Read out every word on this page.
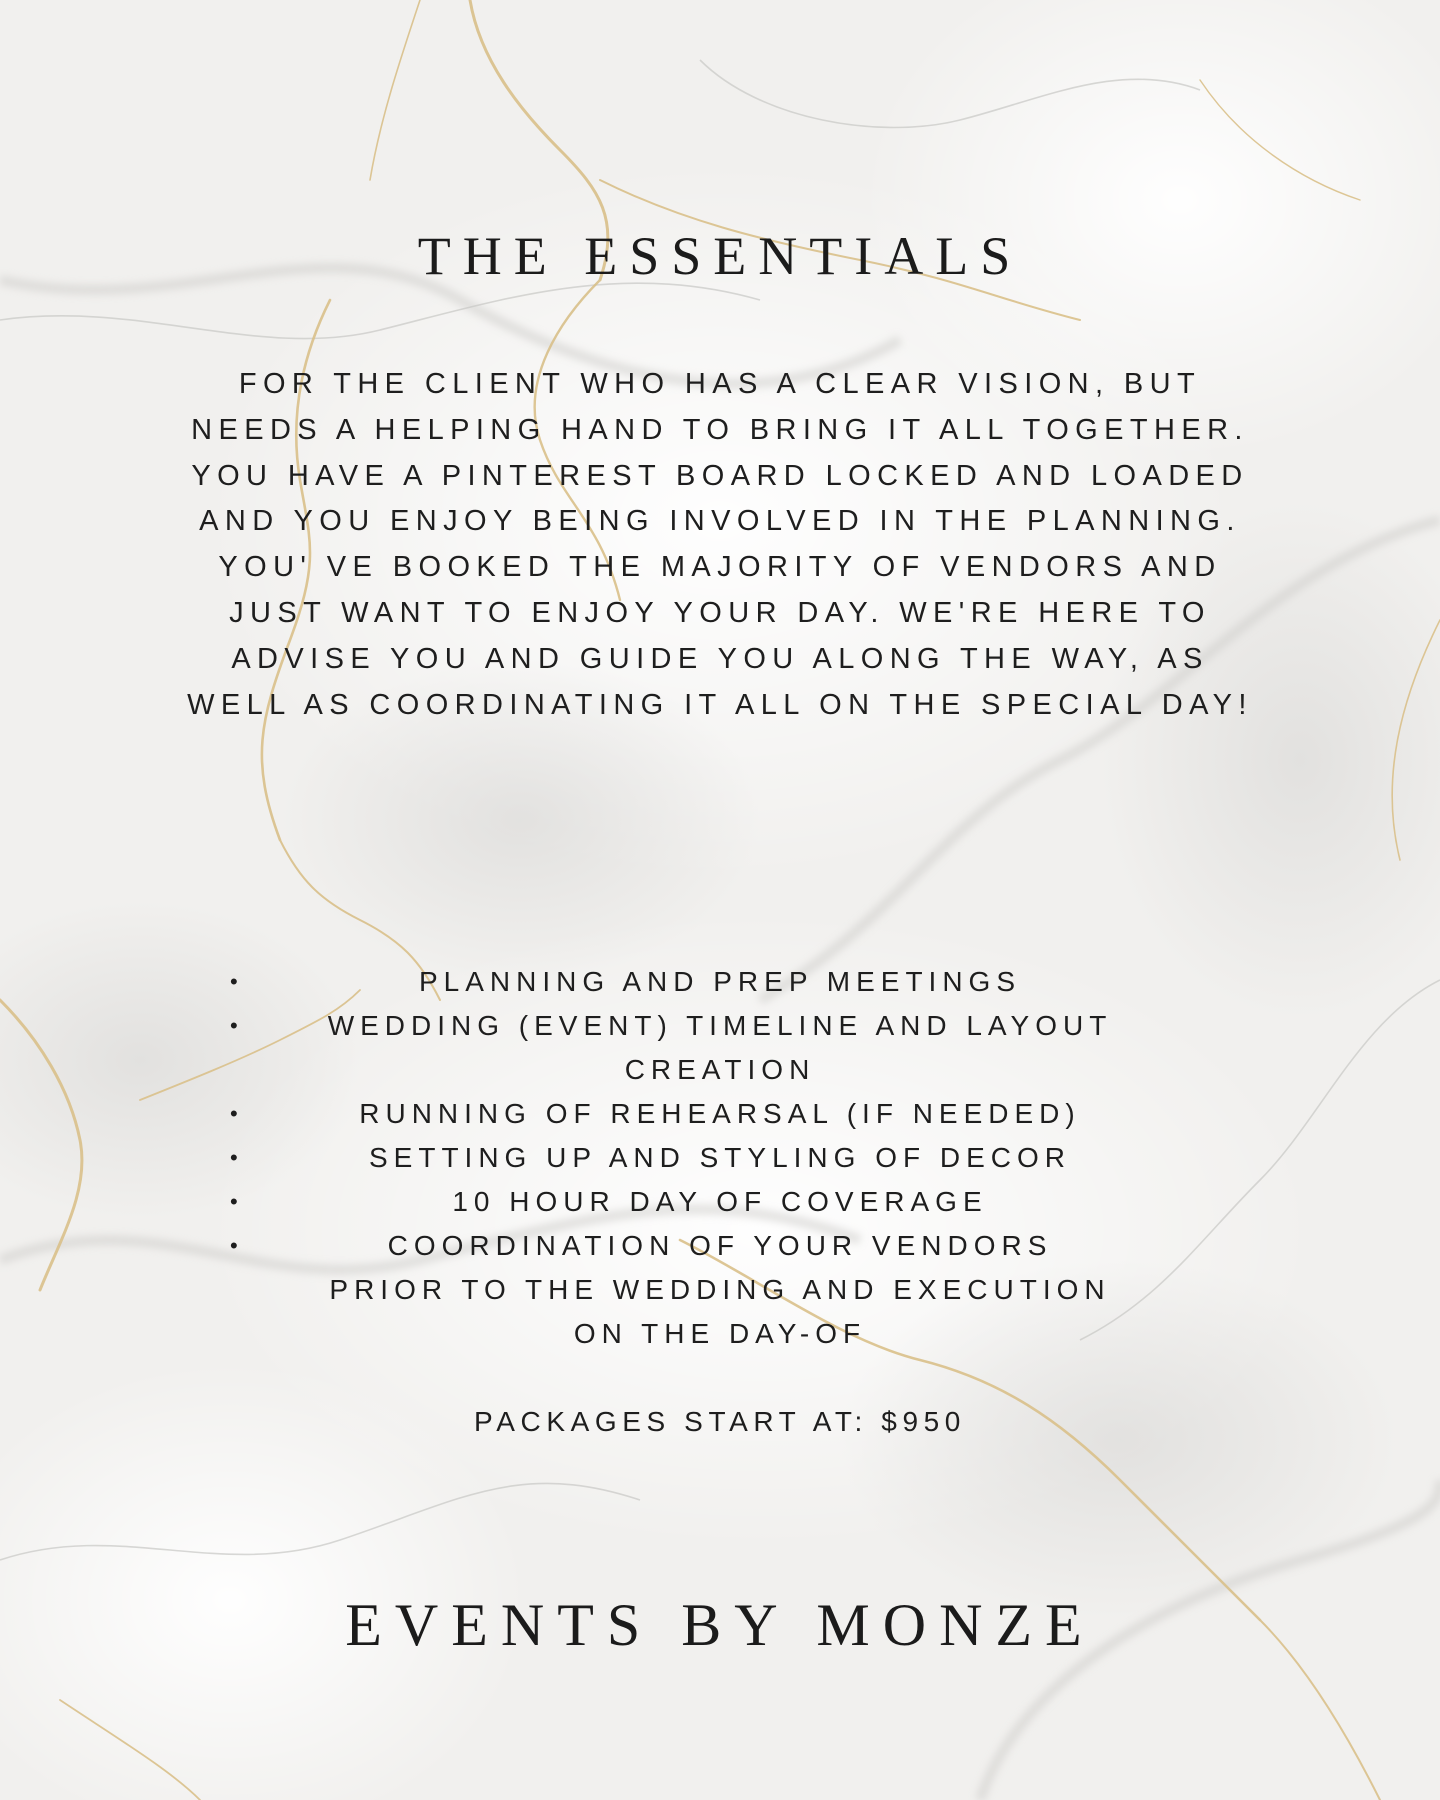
THE ESSENTIALS

FOR THE CLIENT WHO HAS A CLEAR VISION, BUT
NEEDS A HELPING HAND TO BRING IT ALL TOGETHER.
YOU HAVE A PINTEREST BOARD LOCKED AND LOADED
AND YOU ENJOY BEING INVOLVED IN THE PLANNING.
YOU' VE BOOKED THE MAJORITY OF VENDORS AND
JUST WANT TO ENJOY YOUR DAY. WE'RE HERE TO
ADVISE YOU AND GUIDE YOU ALONG THE WAY, AS
WELL AS COORDINATING IT ALL ON THE SPECIAL DAY!

•	PLANNING AND PREP MEETINGS
•	WEDDING (EVENT) TIMELINE AND LAYOUT
CREATION
•	RUNNING OF REHEARSAL (IF NEEDED)
•	SETTING UP AND STYLING OF DECOR
•	10 HOUR DAY OF COVERAGE
•	COORDINATION OF YOUR VENDORS
PRIOR TO THE WEDDING AND EXECUTION
ON THE DAY-OF
PACKAGES START AT: $950
EVENTS BY MONZE
